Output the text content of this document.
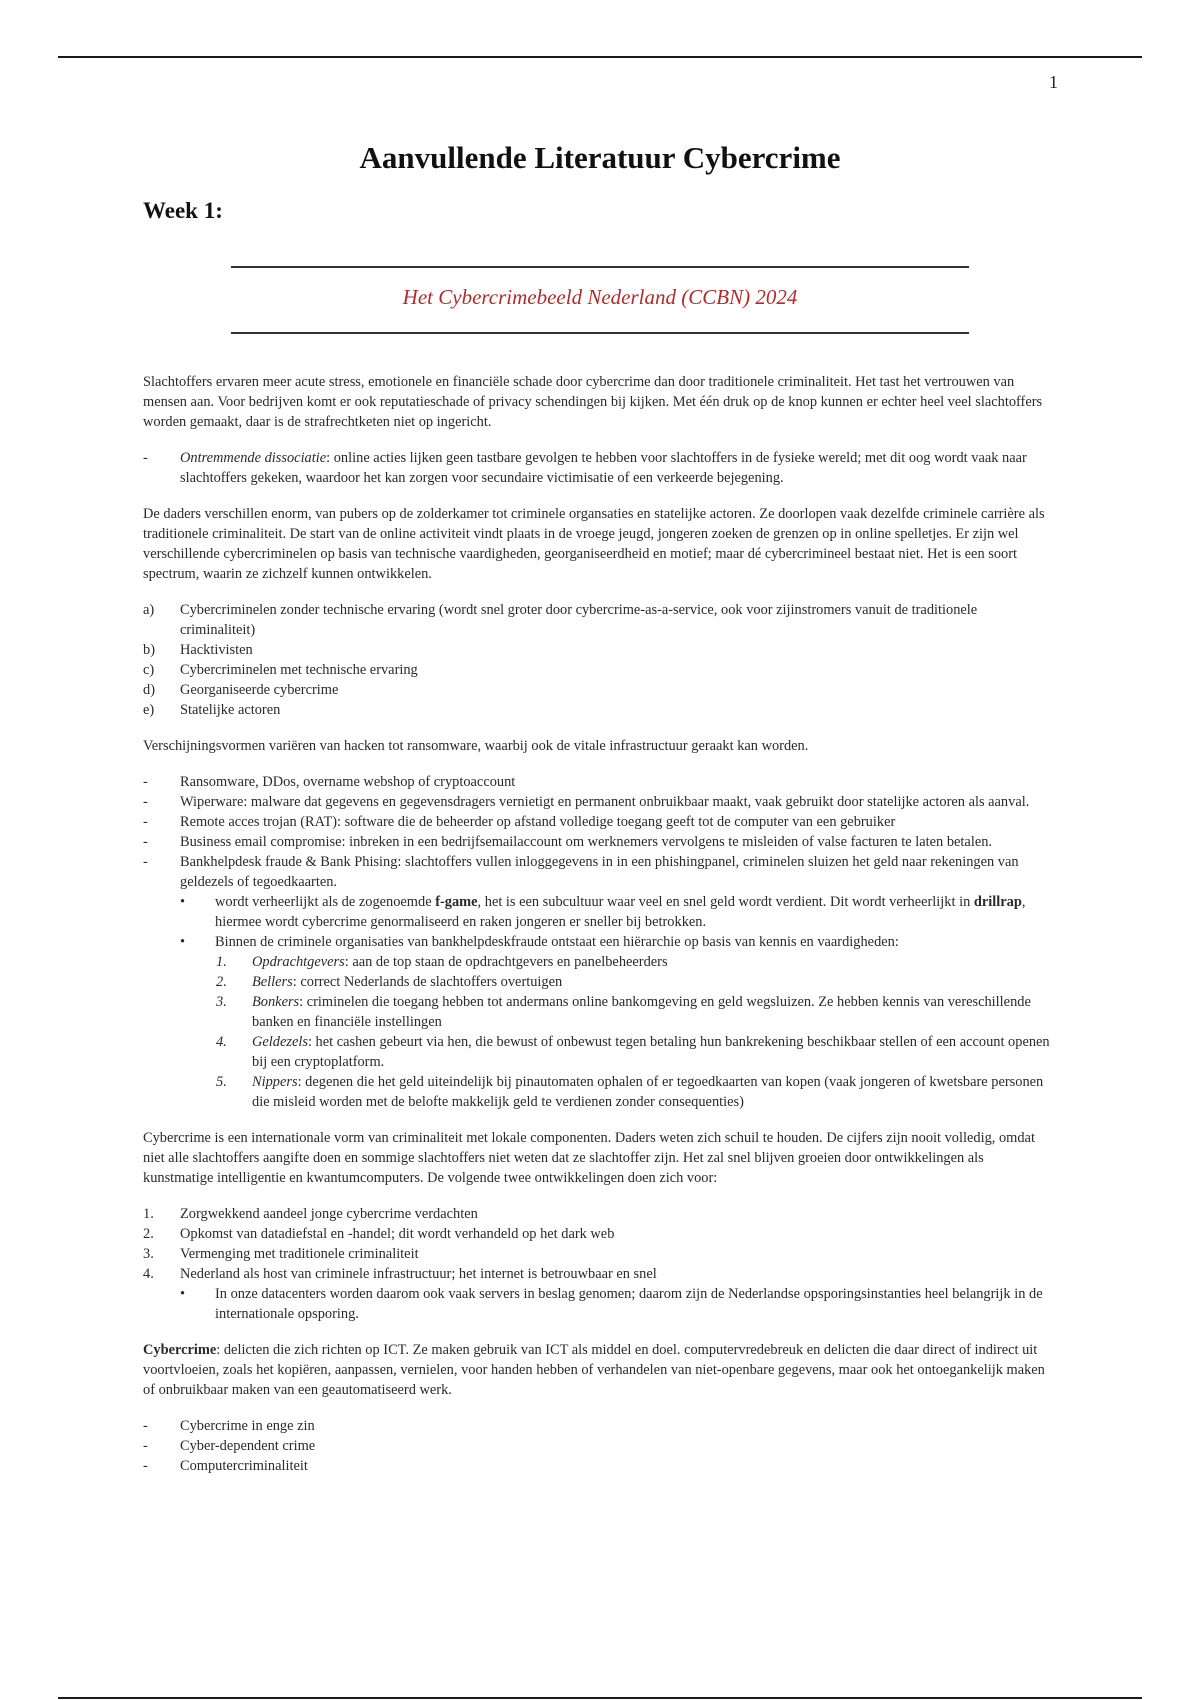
1
Aanvullende Literatuur Cybercrime
Week 1:
Het Cybercrimebeeld Nederland (CCBN) 2024

Slachtoffers ervaren meer acute stress, emotionele en financiële schade door cybercrime dan door traditionele criminaliteit. Het tast het vertrouwen van mensen aan. Voor bedrijven komt er ook reputatieschade of privacy schendingen bij kijken. Met één druk op de knop kunnen er echter heel veel slachtoffers worden gemaakt, daar is de strafrechtketen niet op ingericht.

- Ontremmende dissociatie: online acties lijken geen tastbare gevolgen te hebben voor slachtoffers in de fysieke wereld; met dit oog wordt vaak naar slachtoffers gekeken, waardoor het kan zorgen voor secundaire victimisatie of een verkeerde bejegening.

De daders verschillen enorm, van pubers op de zolderkamer tot criminele organsaties en statelijke actoren. Ze doorlopen vaak dezelfde criminele carrière als traditionele criminaliteit. De start van de online activiteit vindt plaats in de vroege jeugd, jongeren zoeken de grenzen op in online spelletjes. Er zijn wel verschillende cybercriminelen op basis van technische vaardigheden, georganiseerdheid en motief; maar dé cybercrimineel bestaat niet. Het is een soort spectrum, waarin ze zichzelf kunnen ontwikkelen.

a) Cybercriminelen zonder technische ervaring (wordt snel groter door cybercrime-as-a-service, ook voor zijinstromers vanuit de traditionele criminaliteit)
b) Hacktivisten
c) Cybercriminelen met technische ervaring
d) Georganiseerde cybercrime
e) Statelijke actoren

Verschijningsvormen variëren van hacken tot ransomware, waarbij ook de vitale infrastructuur geraakt kan worden.

- Ransomware, DDos, overname webshop of cryptoaccount
- Wiperware: malware dat gegevens en gegevensdragers vernietigt en permanent onbruikbaar maakt, vaak gebruikt door statelijke actoren als aanval.
- Remote acces trojan (RAT): software die de beheerder op afstand volledige toegang geeft tot de computer van een gebruiker
- Business email compromise: inbreken in een bedrijfsemailaccount om werknemers vervolgens te misleiden of valse facturen te laten betalen.
- Bankhelpdesk fraude & Bank Phising: slachtoffers vullen inloggegevens in in een phishingpanel, criminelen sluizen het geld naar rekeningen van geldezels of tegoedkaarten.
• wordt verheerlijkt als de zogenoemde f-game, het is een subcultuur waar veel en snel geld wordt verdient. Dit wordt verheerlijkt in drillrap, hiermee wordt cybercrime genormaliseerd en raken jongeren er sneller bij betrokken.
• Binnen de criminele organisaties van bankhelpdeskfraude ontstaat een hiërarchie op basis van kennis en vaardigheden:
1. Opdrachtgevers: aan de top staan de opdrachtgevers en panelbeheerders
2. Bellers: correct Nederlands de slachtoffers overtuigen
3. Bonkers: criminelen die toegang hebben tot andermans online bankomgeving en geld wegsluizen. Ze hebben kennis van vereschillende banken en financiële instellingen
4. Geldezels: het cashen gebeurt via hen, die bewust of onbewust tegen betaling hun bankrekening beschikbaar stellen of een account openen bij een cryptoplatform.
5. Nippers: degenen die het geld uiteindelijk bij pinautomaten ophalen of er tegoedkaarten van kopen (vaak jongeren of kwetsbare personen die misleid worden met de belofte makkelijk geld te verdienen zonder consequenties)

Cybercrime is een internationale vorm van criminaliteit met lokale componenten. Daders weten zich schuil te houden. De cijfers zijn nooit volledig, omdat niet alle slachtoffers aangifte doen en sommige slachtoffers niet weten dat ze slachtoffer zijn. Het zal snel blijven groeien door ontwikkelingen als kunstmatige intelligentie en kwantumcomputers. De volgende twee ontwikkelingen doen zich voor:

1. Zorgwekkend aandeel jonge cybercrime verdachten
2. Opkomst van datadiefstal en -handel; dit wordt verhandeld op het dark web
3. Vermenging met traditionele criminaliteit
4. Nederland als host van criminele infrastructuur; het internet is betrouwbaar en snel
• In onze datacenters worden daarom ook vaak servers in beslag genomen; daarom zijn de Nederlandse opsporingsinstanties heel belangrijk in de internationale opsporing.

Cybercrime: delicten die zich richten op ICT. Ze maken gebruik van ICT als middel en doel. computervredebreuk en delicten die daar direct of indirect uit voortvloeien, zoals het kopiëren, aanpassen, vernielen, voor handen hebben of verhandelen van niet-openbare gegevens, maar ook het ontoegankelijk maken of onbruikbaar maken van een geautomatiseerd werk.

- Cybercrime in enge zin
- Cyber-dependent crime
- Computercriminaliteit
